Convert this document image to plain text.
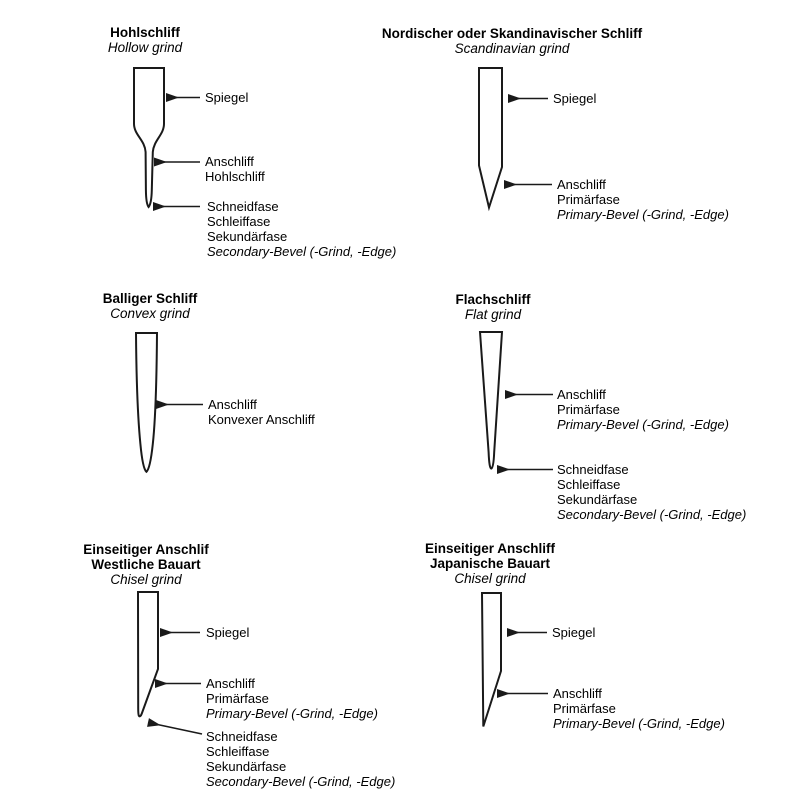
Hohlschliff
Hollow grind
Spiegel
Anschliff
Hohlschliff
Schneidfase
Schleiffase
Sekundärfase
Secondary-Bevel (-Grind, -Edge)
Nordischer oder Skandinavischer Schliff
Scandinavian grind
Spiegel
Anschliff
Primärfase
Primary-Bevel (-Grind, -Edge)
Balliger Schliff
Convex grind
Anschliff
Konvexer Anschliff
Flachschliff
Flat grind
Anschliff
Primärfase
Primary-Bevel (-Grind, -Edge)
Schneidfase
Schleiffase
Sekundärfase
Secondary-Bevel (-Grind, -Edge)
Einseitiger Anschlif
Westliche Bauart
Chisel grind
Spiegel
Anschliff
Primärfase
Primary-Bevel (-Grind, -Edge)
Schneidfase
Schleiffase
Sekundärfase
Secondary-Bevel (-Grind, -Edge)
Einseitiger Anschliff
Japanische Bauart
Chisel grind
Spiegel
Anschliff
Primärfase
Primary-Bevel (-Grind, -Edge)
